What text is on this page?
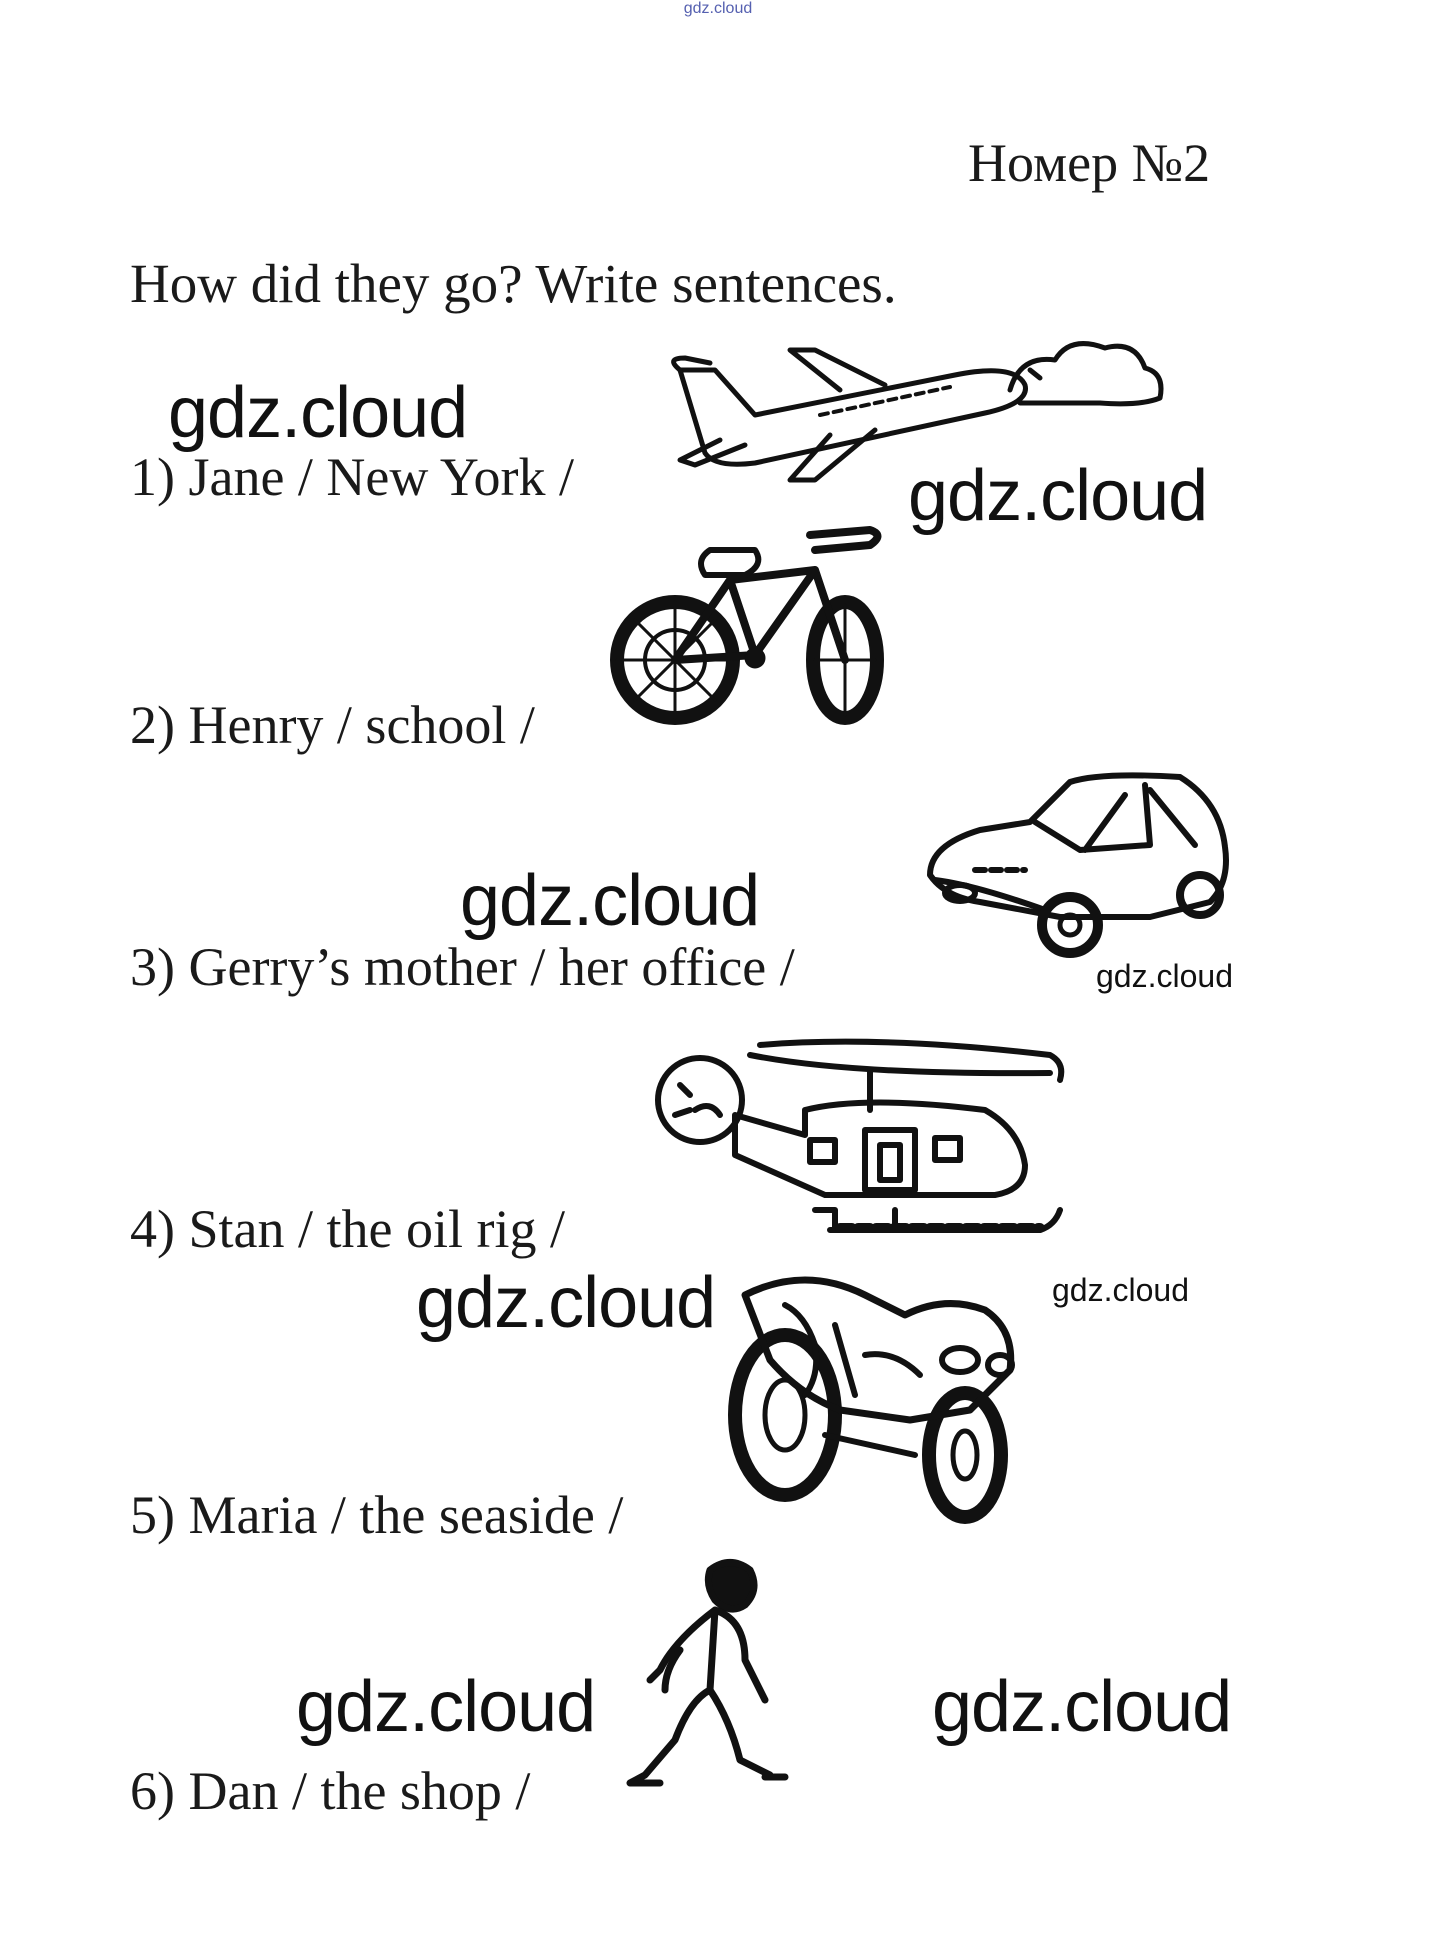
gdz.cloud
Номер №2
How did they go? Write sentences.
1) Jane / New York /
2) Henry / school /
3) Gerry’s mother / her office /
4) Stan / the oil rig /
5) Maria / the seaside /
6) Dan / the shop /
gdz.cloud
gdz.cloud
gdz.cloud
gdz.cloud
gdz.cloud	gdz.cloud
gdz.cloud	gdz.cloud
